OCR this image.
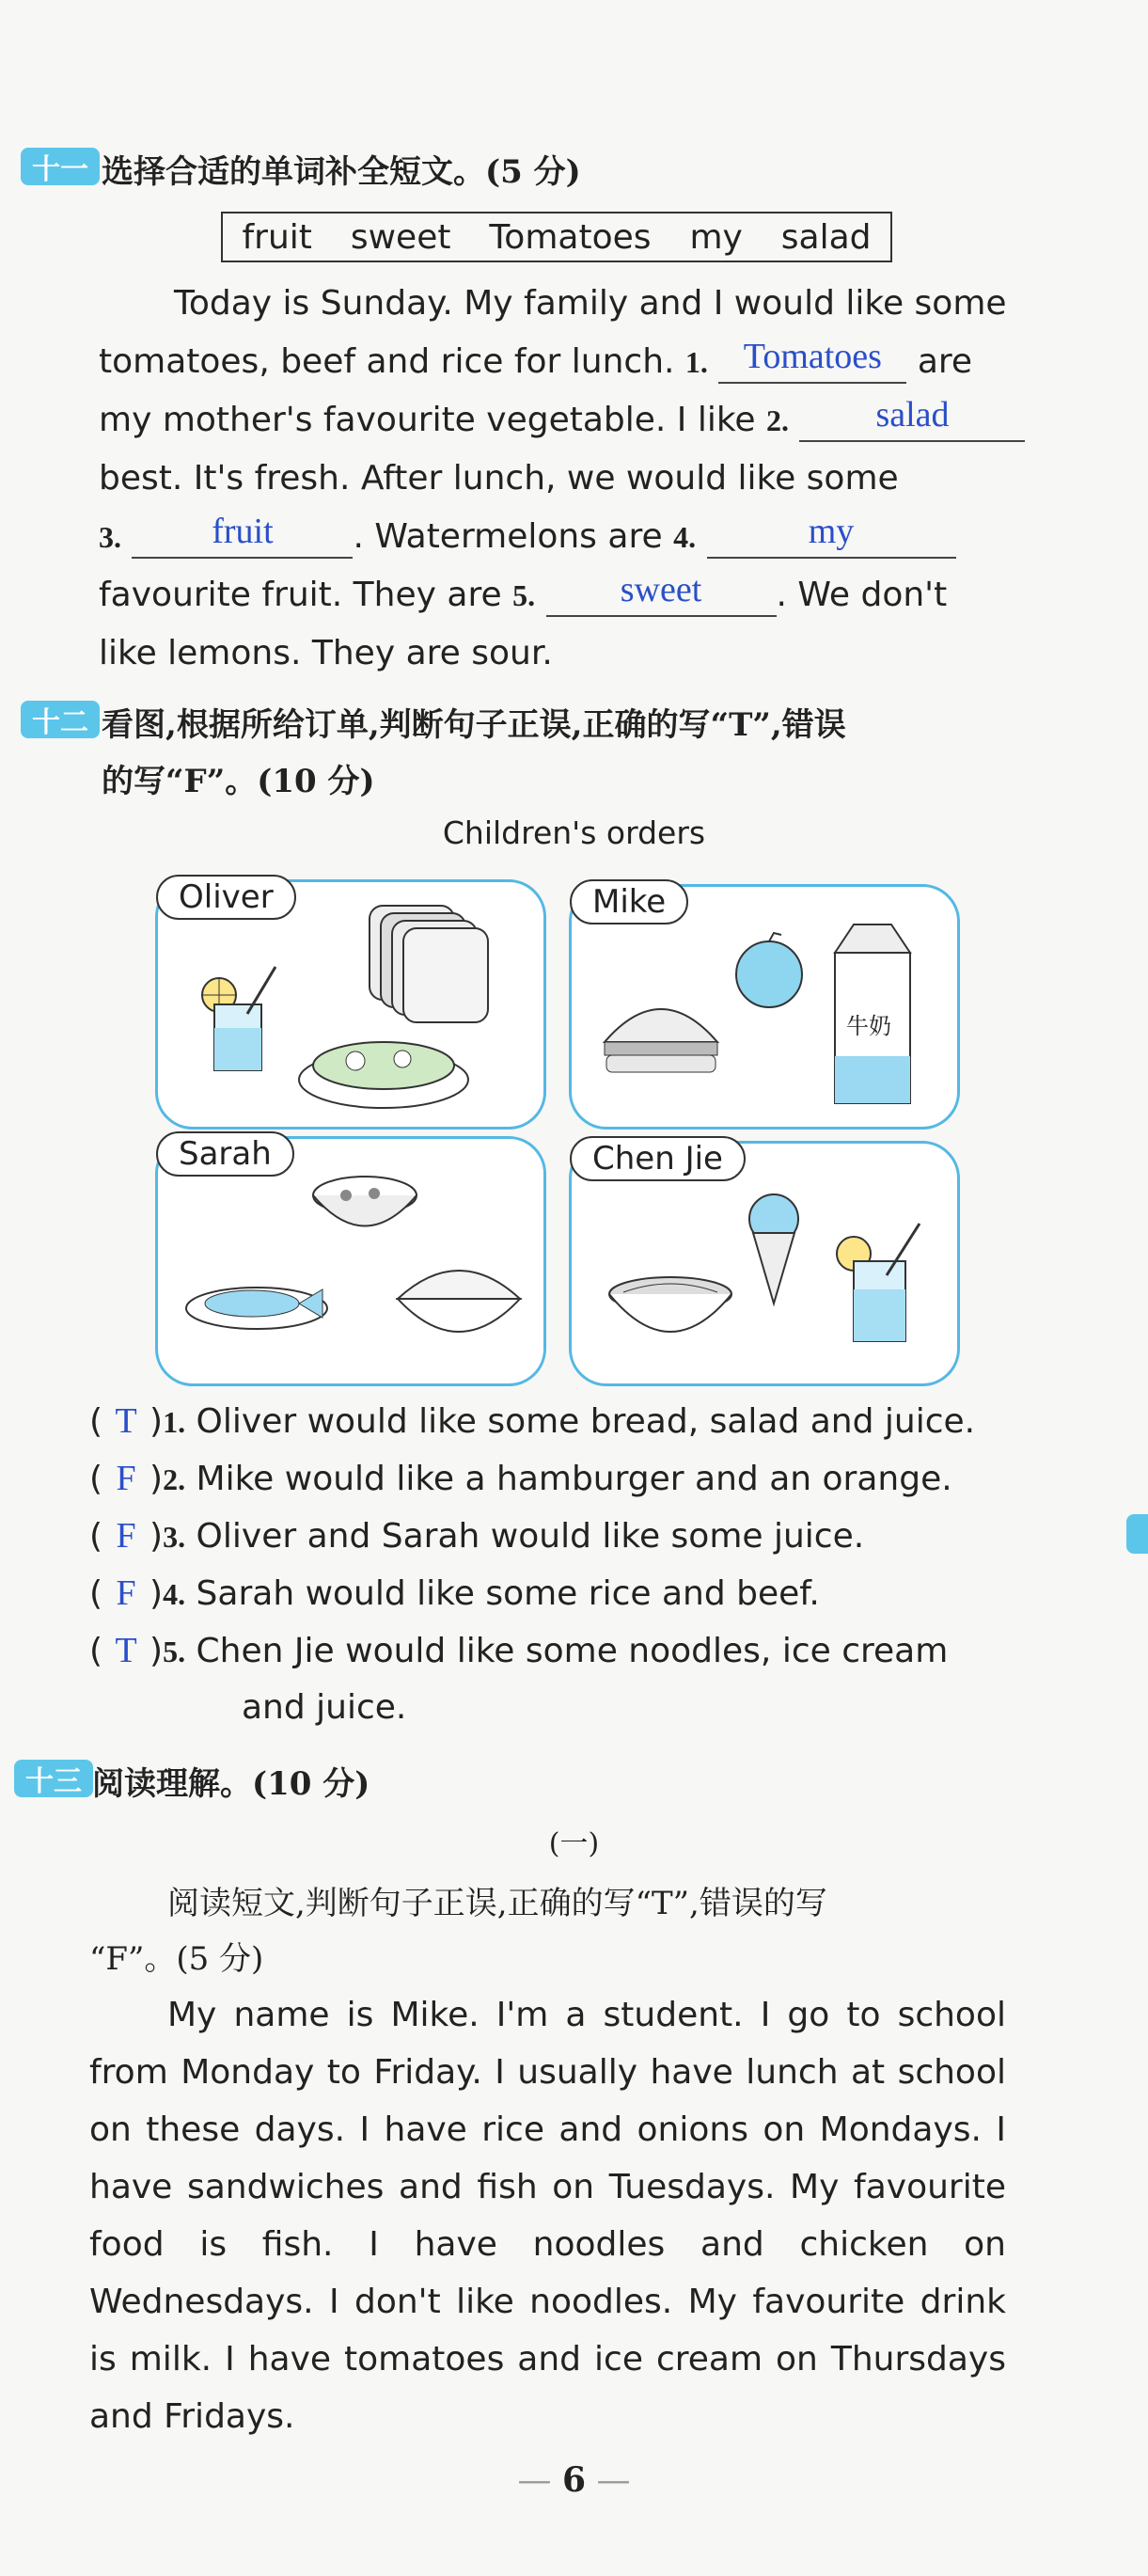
十一 选择合适的单词补全短文。(5 分)
fruit sweet Tomatoes my salad
Today is Sunday. My family and I would like some
tomatoes, beef and rice for lunch. 1. Tomatoes	are
my mother's favourite vegetable. I like 2.	salad
best. It's fresh. After lunch, we would like some
3.	fruit	. Watermelons are 4.	my
favourite fruit. They are 5.	sweet	. We don't
like lemons. They are sour.
十二 看图,根据所给订单,判断句子正误,正确的写“T”,错误
的写“F”。(10 分)
Children's orders
Oliver
牛奶
Mike
Sarah	Chen Jie
( T )1. Oliver would like some bread, salad and juice.
( F )2. Mike would like a hamburger and an orange.
( F )3. Oliver and Sarah would like some juice.
( F )4. Sarah would like some rice and beef.
( T )5. Chen Jie would like some noodles, ice cream
and juice.
十三 阅读理解。(10 分)
(一)
阅读短文,判断句子正误,正确的写“T”,错误的写
“F”。(5 分)
My name is Mike. I'm a student. I go to school from Monday to Friday. I usually have lunch at school on these days. I have rice and onions on Mondays. I have sandwiches and fish on Tuesdays. My favourite food is fish. I have noodles and chicken on Wednesdays. I don't like noodles. My favourite drink is milk. I have tomatoes and ice cream on Thursdays and Fridays.
— 6 —
